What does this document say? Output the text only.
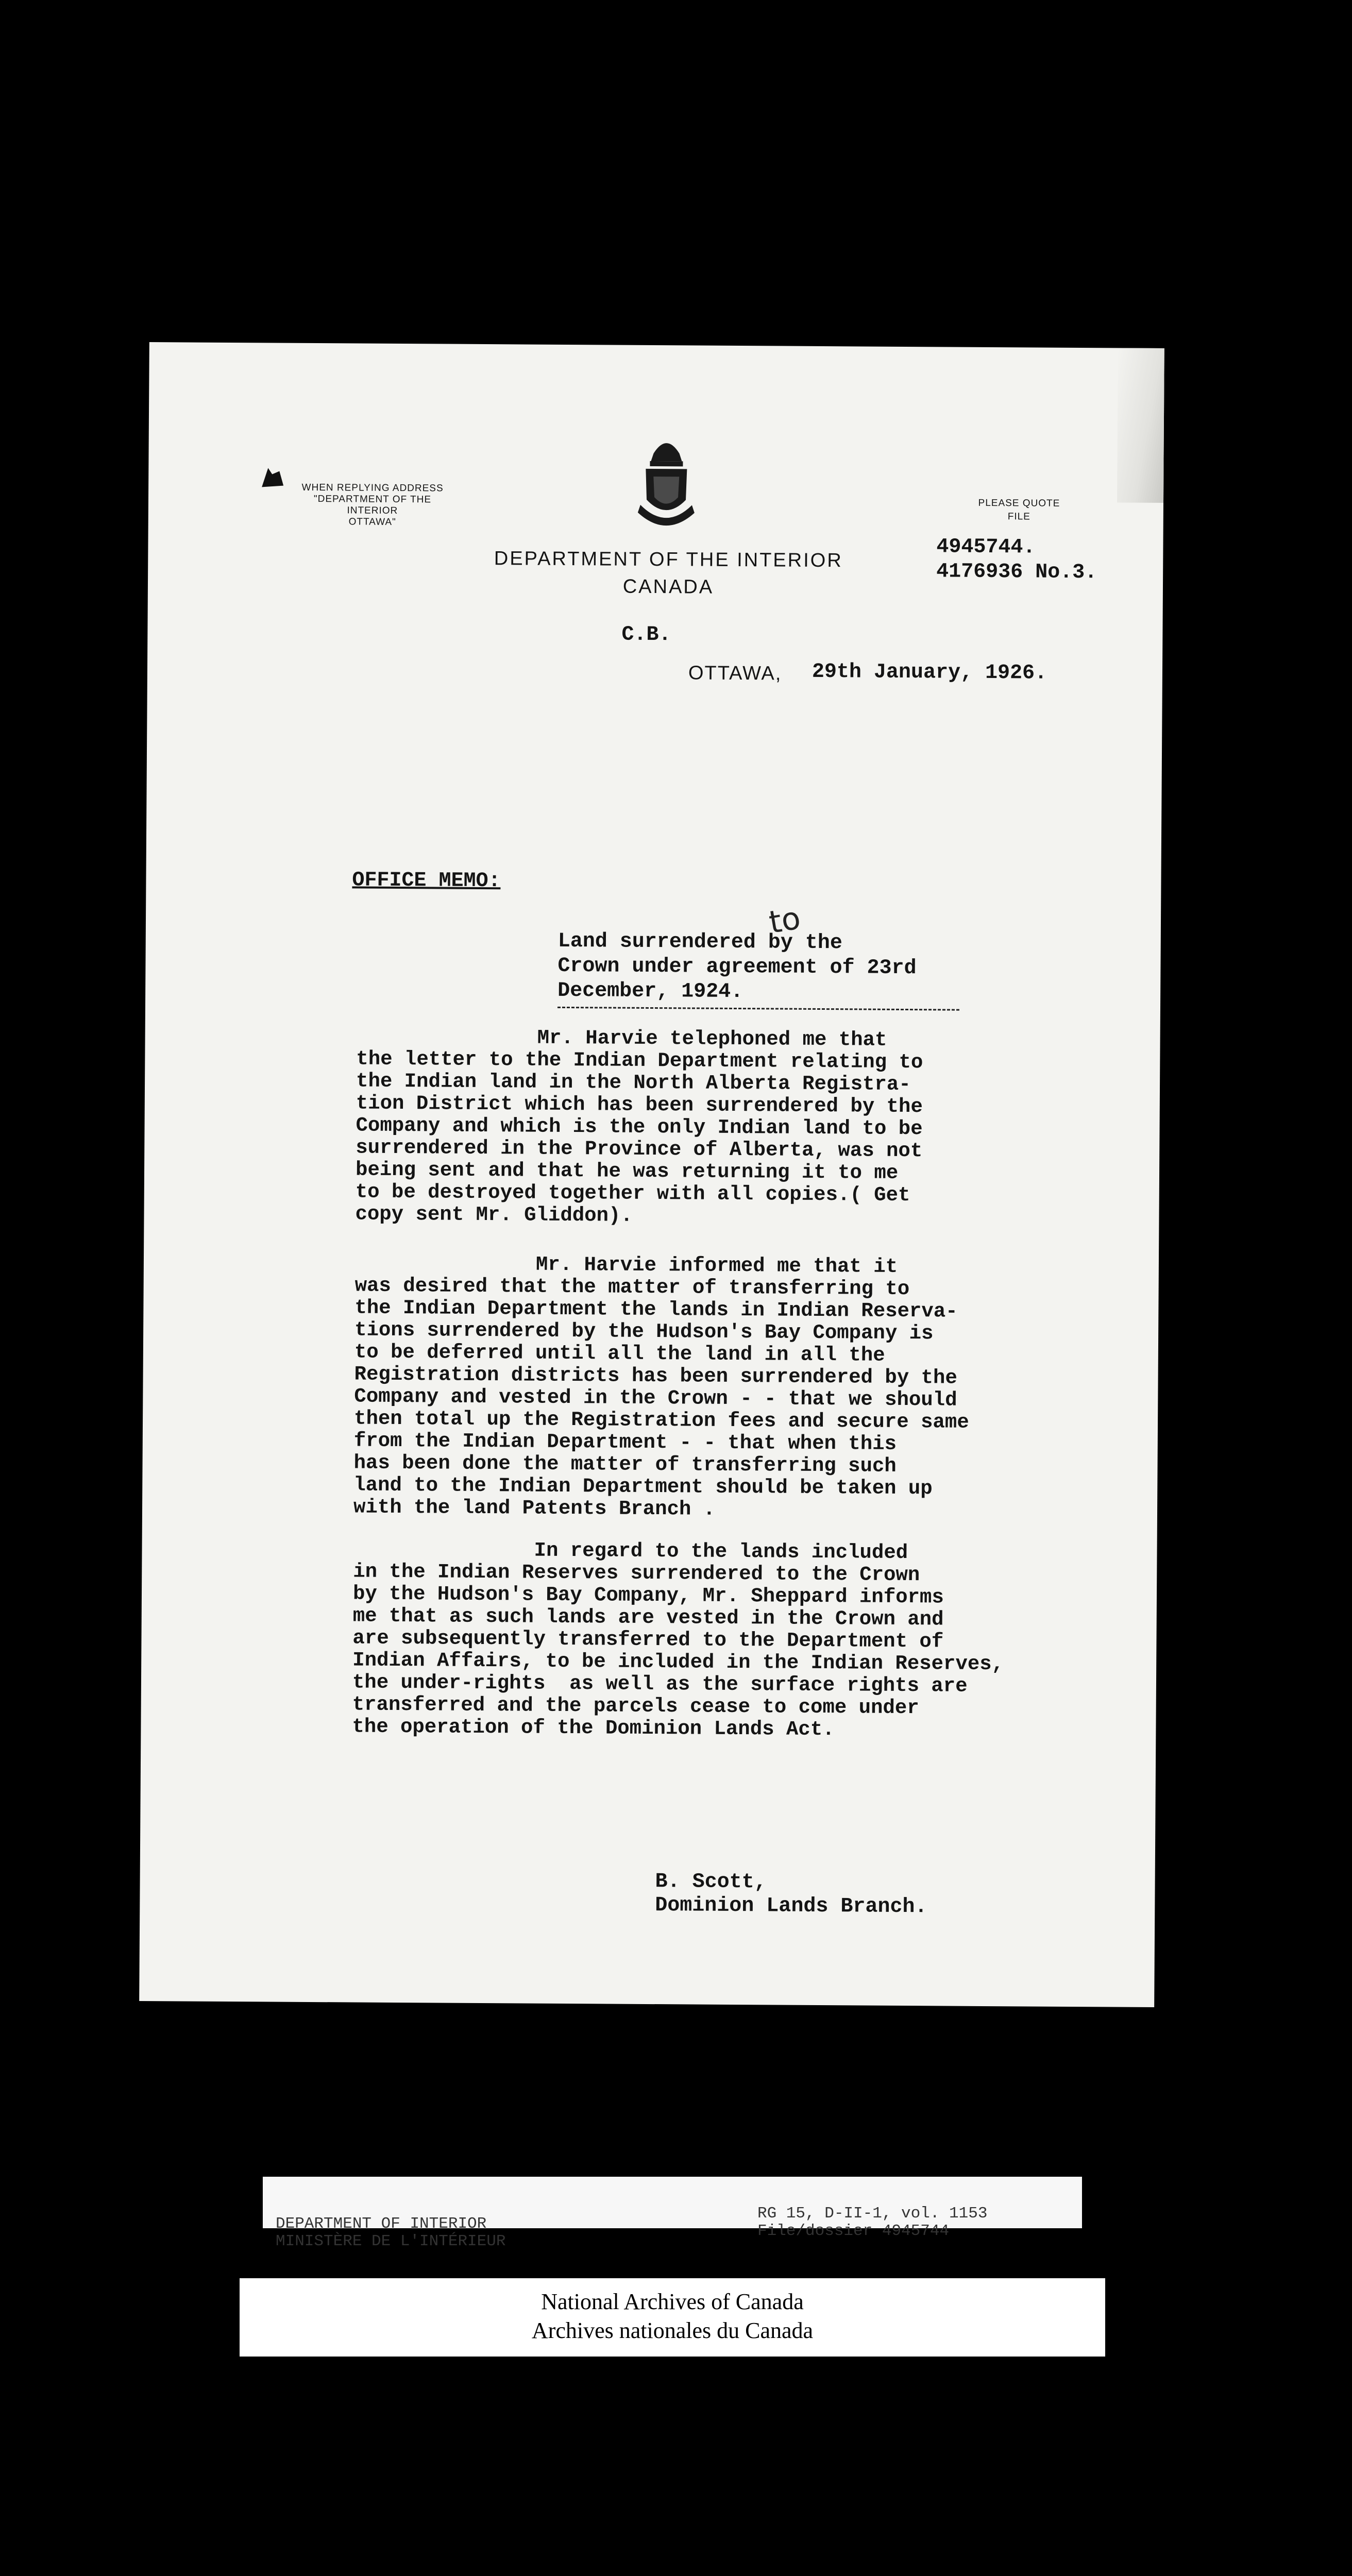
WHEN REPLYING ADDRESS
"DEPARTMENT OF THE INTERIOR
OTTAWA"
DEPARTMENT OF THE INTERIOR
CANADA
PLEASE QUOTE
FILE
4945744.
4176936 No.3.
C.B.
OTTAWA, 29th January, 1926.
OFFICE MEMO:
to
Land surrendered by the
Crown under agreement of 23rd
December, 1924.
Mr. Harvie telephoned me that
the letter to the Indian Department relating to
the Indian land in the North Alberta Registra-
tion District which has been surrendered by the
Company and which is the only Indian land to be
surrendered in the Province of Alberta, was not
being sent and that he was returning it to me
to be destroyed together with all copies.( Get
copy sent Mr. Gliddon).
Mr. Harvie informed me that it
was desired that the matter of transferring to
the Indian Department the lands in Indian Reserva-
tions surrendered by the Hudson's Bay Company is
to be deferred until all the land in all the
Registration districts has been surrendered by the
Company and vested in the Crown - - that we should
then total up the Registration fees and secure same
from the Indian Department - - that when this
has been done the matter of transferring such
land to the Indian Department should be taken up
with the land Patents Branch .
In regard to the lands included
in the Indian Reserves surrendered to the Crown
by the Hudson's Bay Company, Mr. Sheppard informs
me that as such lands are vested in the Crown and
are subsequently transferred to the Department of
Indian Affairs, to be included in the Indian Reserves,
the under-rights  as well as the surface rights are
transferred and the parcels cease to come under
the operation of the Dominion Lands Act.
B. Scott,
Dominion Lands Branch.
DEPARTMENT OF INTERIOR
MINISTÈRE DE L'INTÉRIEUR
RG 15, D-II-1, vol. 1153
File/dossier 4945744
National Archives of Canada
Archives nationales du Canada
